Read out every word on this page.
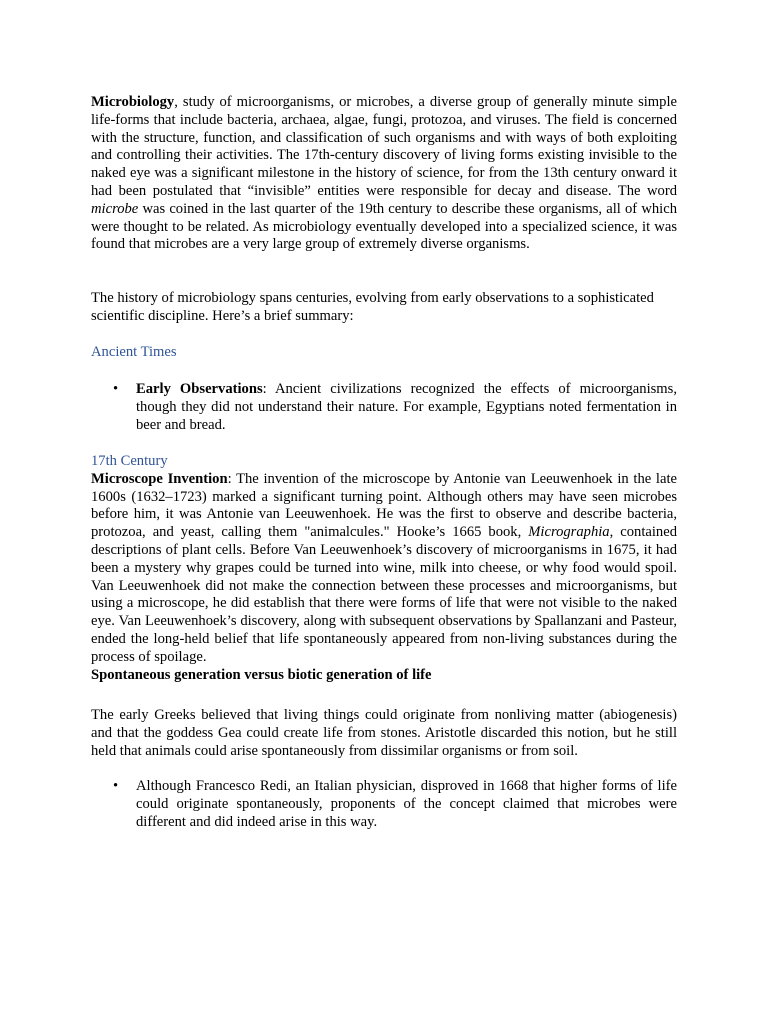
Microbiology, study of microorganisms, or microbes, a diverse group of generally minute simple life-forms that include bacteria, archaea, algae, fungi, protozoa, and viruses. The field is concerned with the structure, function, and classification of such organisms and with ways of both exploiting and controlling their activities. The 17th-century discovery of living forms existing invisible to the naked eye was a significant milestone in the history of science, for from the 13th century onward it had been postulated that “invisible” entities were responsible for decay and disease. The word microbe was coined in the last quarter of the 19th century to describe these organisms, all of which were thought to be related. As microbiology eventually developed into a specialized science, it was found that microbes are a very large group of extremely diverse organisms.

The history of microbiology spans centuries, evolving from early observations to a sophisticated scientific discipline. Here’s a brief summary:

Ancient Times

• Early Observations: Ancient civilizations recognized the effects of microorganisms, though they did not understand their nature. For example, Egyptians noted fermentation in beer and bread.

17th Century

Microscope Invention: The invention of the microscope by Antonie van Leeuwenhoek in the late 1600s (1632–1723) marked a significant turning point. Although others may have seen microbes before him, it was Antonie van Leeuwenhoek. He was the first to observe and describe bacteria, protozoa, and yeast, calling them "animalcules." Hooke’s 1665 book, Micrographia, contained descriptions of plant cells. Before Van Leeuwenhoek’s discovery of microorganisms in 1675, it had been a mystery why grapes could be turned into wine, milk into cheese, or why food would spoil. Van Leeuwenhoek did not make the connection between these processes and microorganisms, but using a microscope, he did establish that there were forms of life that were not visible to the naked eye. Van Leeuwenhoek’s discovery, along with subsequent observations by Spallanzani and Pasteur, ended the long-held belief that life spontaneously appeared from non-living substances during the process of spoilage.

Spontaneous generation versus biotic generation of life

The early Greeks believed that living things could originate from nonliving matter (abiogenesis) and that the goddess Gea could create life from stones. Aristotle discarded this notion, but he still held that animals could arise spontaneously from dissimilar organisms or from soil.

• Although Francesco Redi, an Italian physician, disproved in 1668 that higher forms of life could originate spontaneously, proponents of the concept claimed that microbes were different and did indeed arise in this way.
